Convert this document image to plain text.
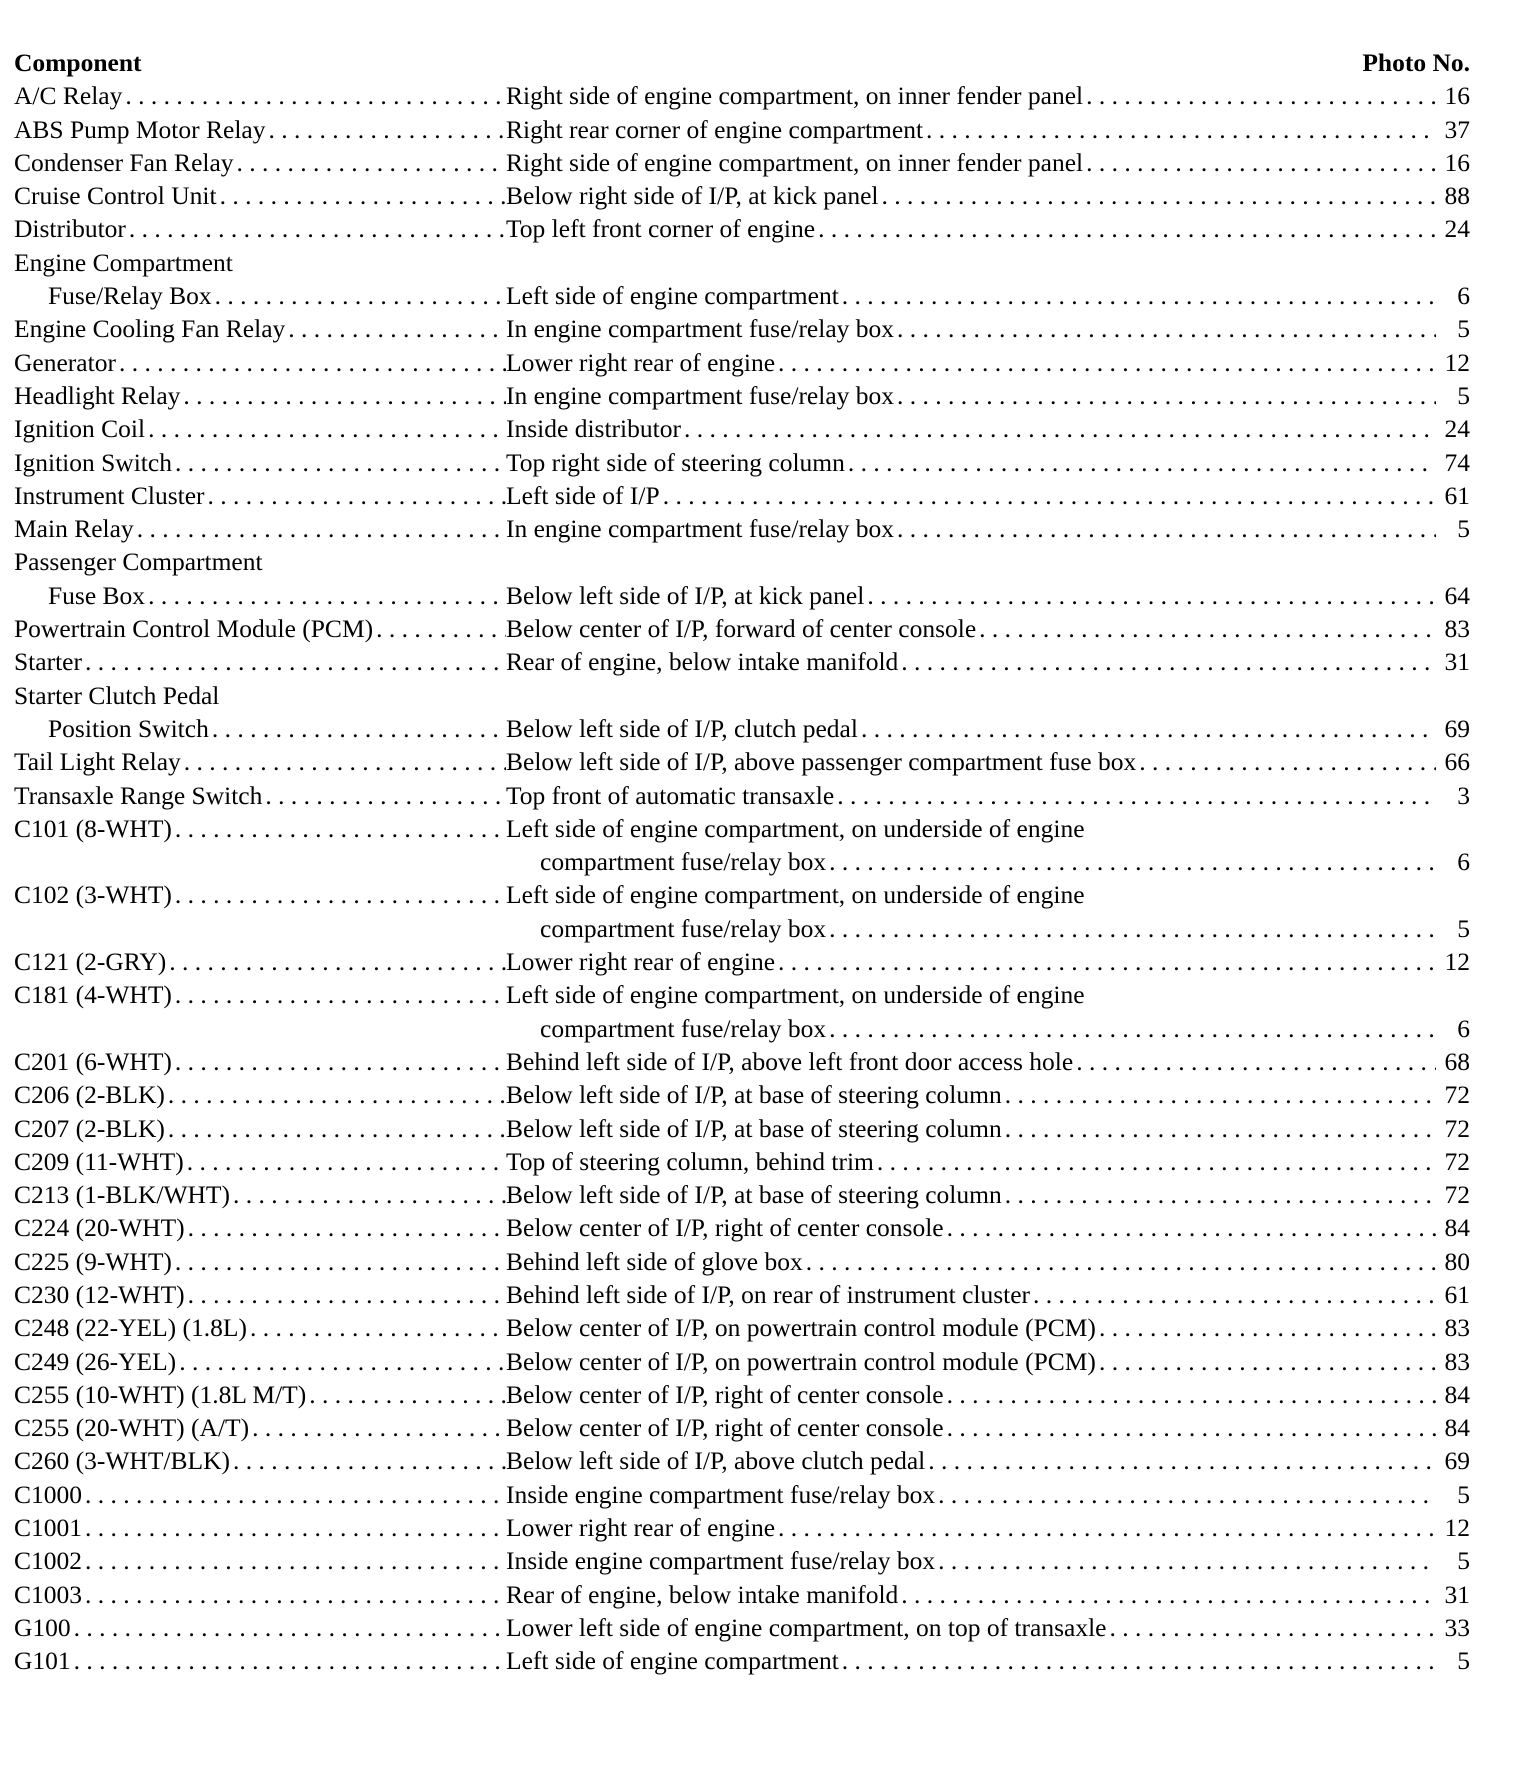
Component	Photo No.
A/C Relay . . .	Right side of engine compartment, on inner fender panel . . .	16
ABS Pump Motor Relay . . .	Right rear corner of engine compartment . . .	37
Condenser Fan Relay . . .	Right side of engine compartment, on inner fender panel . . .	16
Cruise Control Unit . . .	Below right side of I/P, at kick panel . . .	88
Distributor . . .	Top left front corner of engine . . .	24
Engine Compartment
Fuse/Relay Box . . .	Left side of engine compartment . . .	6
Engine Cooling Fan Relay . . .	In engine compartment fuse/relay box . . .	5
Generator . . .	Lower right rear of engine . . .	12
Headlight Relay . . .	In engine compartment fuse/relay box . . .	5
Ignition Coil . . .	Inside distributor . . .	24
Ignition Switch . . .	Top right side of steering column . . .	74
Instrument Cluster . . .	Left side of I/P . . .	61
Main Relay . . .	In engine compartment fuse/relay box . . .	5
Passenger Compartment
Fuse Box . . .	Below left side of I/P, at kick panel . . .	64
Powertrain Control Module (PCM) . . .	Below center of I/P, forward of center console . . .	83
Starter . . .	Rear of engine, below intake manifold . . .	31
Starter Clutch Pedal
Position Switch . . .	Below left side of I/P, clutch pedal . . .	69
Tail Light Relay . . .	Below left side of I/P, above passenger compartment fuse box . . .	66
Transaxle Range Switch . . .	Top front of automatic transaxle . . .	3
C101 (8-WHT) . . .	Left side of engine compartment, on underside of engine
compartment fuse/relay box . . .	6
C102 (3-WHT) . . .	Left side of engine compartment, on underside of engine
compartment fuse/relay box . . .	5
C121 (2-GRY) . . .	Lower right rear of engine . . .	12
C181 (4-WHT) . . .	Left side of engine compartment, on underside of engine
compartment fuse/relay box . . .	6
C201 (6-WHT) . . .	Behind left side of I/P, above left front door access hole . . .	68
C206 (2-BLK) . . .	Below left side of I/P, at base of steering column . . .	72
C207 (2-BLK) . . .	Below left side of I/P, at base of steering column . . .	72
C209 (11-WHT) . . .	Top of steering column, behind trim . . .	72
C213 (1-BLK/WHT) . . .	Below left side of I/P, at base of steering column . . .	72
C224 (20-WHT) . . .	Below center of I/P, right of center console . . .	84
C225 (9-WHT) . . .	Behind left side of glove box . . .	80
C230 (12-WHT) . . .	Behind left side of I/P, on rear of instrument cluster . . .	61
C248 (22-YEL) (1.8L) . . .	Below center of I/P, on powertrain control module (PCM) . . .	83
C249 (26-YEL) . . .	Below center of I/P, on powertrain control module (PCM) . . .	83
C255 (10-WHT) (1.8L M/T) . . .	Below center of I/P, right of center console . . .	84
C255 (20-WHT) (A/T) . . .	Below center of I/P, right of center console . . .	84
C260 (3-WHT/BLK) . . .	Below left side of I/P, above clutch pedal . . .	69
C1000 . . .	Inside engine compartment fuse/relay box . . .	5
C1001 . . .	Lower right rear of engine . . .	12
C1002 . . .	Inside engine compartment fuse/relay box . . .	5
C1003 . . .	Rear of engine, below intake manifold . . .	31
G100 . . .	Lower left side of engine compartment, on top of transaxle . . .	33
G101 . . .	Left side of engine compartment . . .	5
